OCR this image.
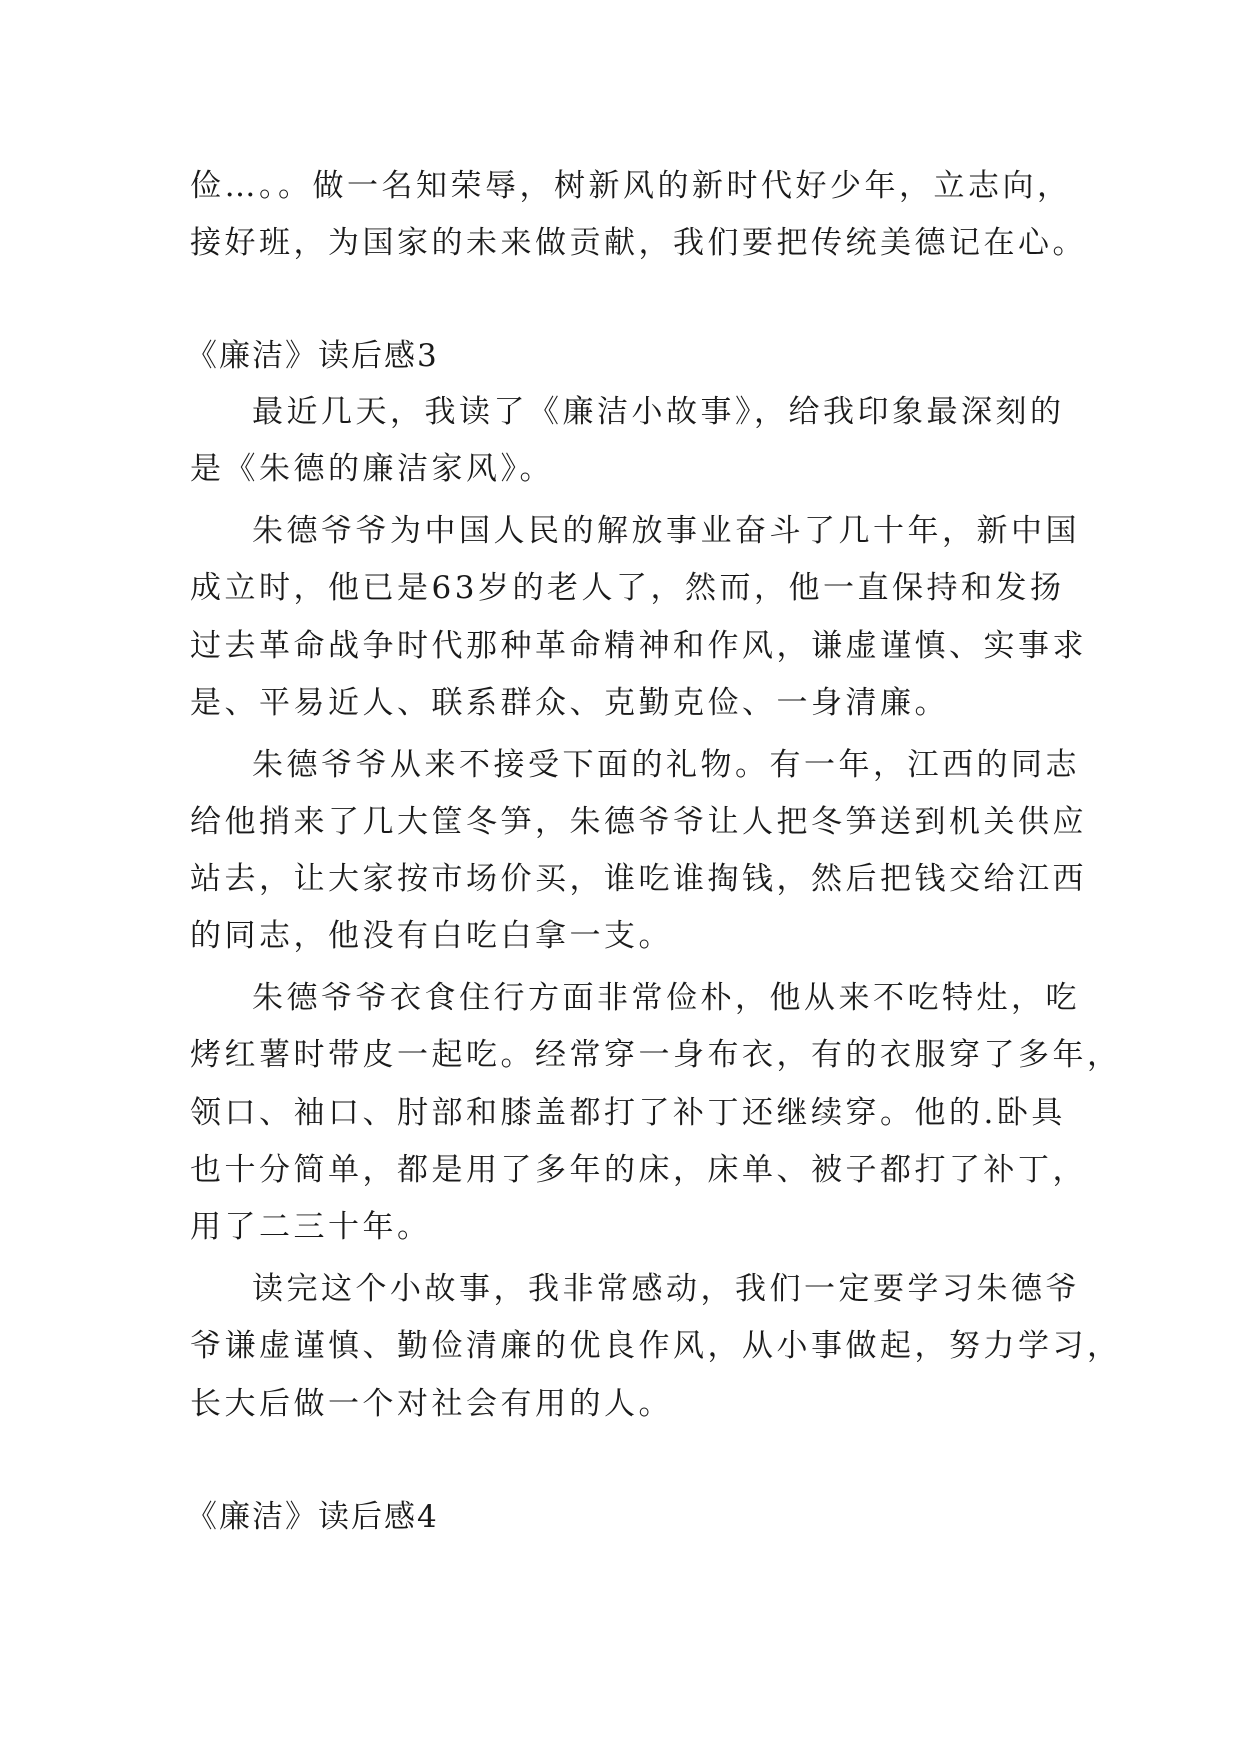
俭…。。做一名知荣辱，树新风的新时代好少年，立志向，
接好班，为国家的未来做贡献，我们要把传统美德记在心。
《廉洁》读后感3
最近几天，我读了《廉洁小故事》，给我印象最深刻的
是《朱德的廉洁家风》。
朱德爷爷为中国人民的解放事业奋斗了几十年，新中国
成立时，他已是63岁的老人了，然而，他一直保持和发扬
过去革命战争时代那种革命精神和作风，谦虚谨慎、实事求
是、平易近人、联系群众、克勤克俭、一身清廉。
朱德爷爷从来不接受下面的礼物。有一年，江西的同志
给他捎来了几大筐冬笋，朱德爷爷让人把冬笋送到机关供应
站去，让大家按市场价买，谁吃谁掏钱，然后把钱交给江西
的同志，他没有白吃白拿一支。
朱德爷爷衣食住行方面非常俭朴，他从来不吃特灶，吃
烤红薯时带皮一起吃。经常穿一身布衣，有的衣服穿了多年，
领口、袖口、肘部和膝盖都打了补丁还继续穿。他的.卧具
也十分简单，都是用了多年的床，床单、被子都打了补丁，
用了二三十年。
读完这个小故事，我非常感动，我们一定要学习朱德爷
爷谦虚谨慎、勤俭清廉的优良作风，从小事做起，努力学习，
长大后做一个对社会有用的人。
《廉洁》读后感4
